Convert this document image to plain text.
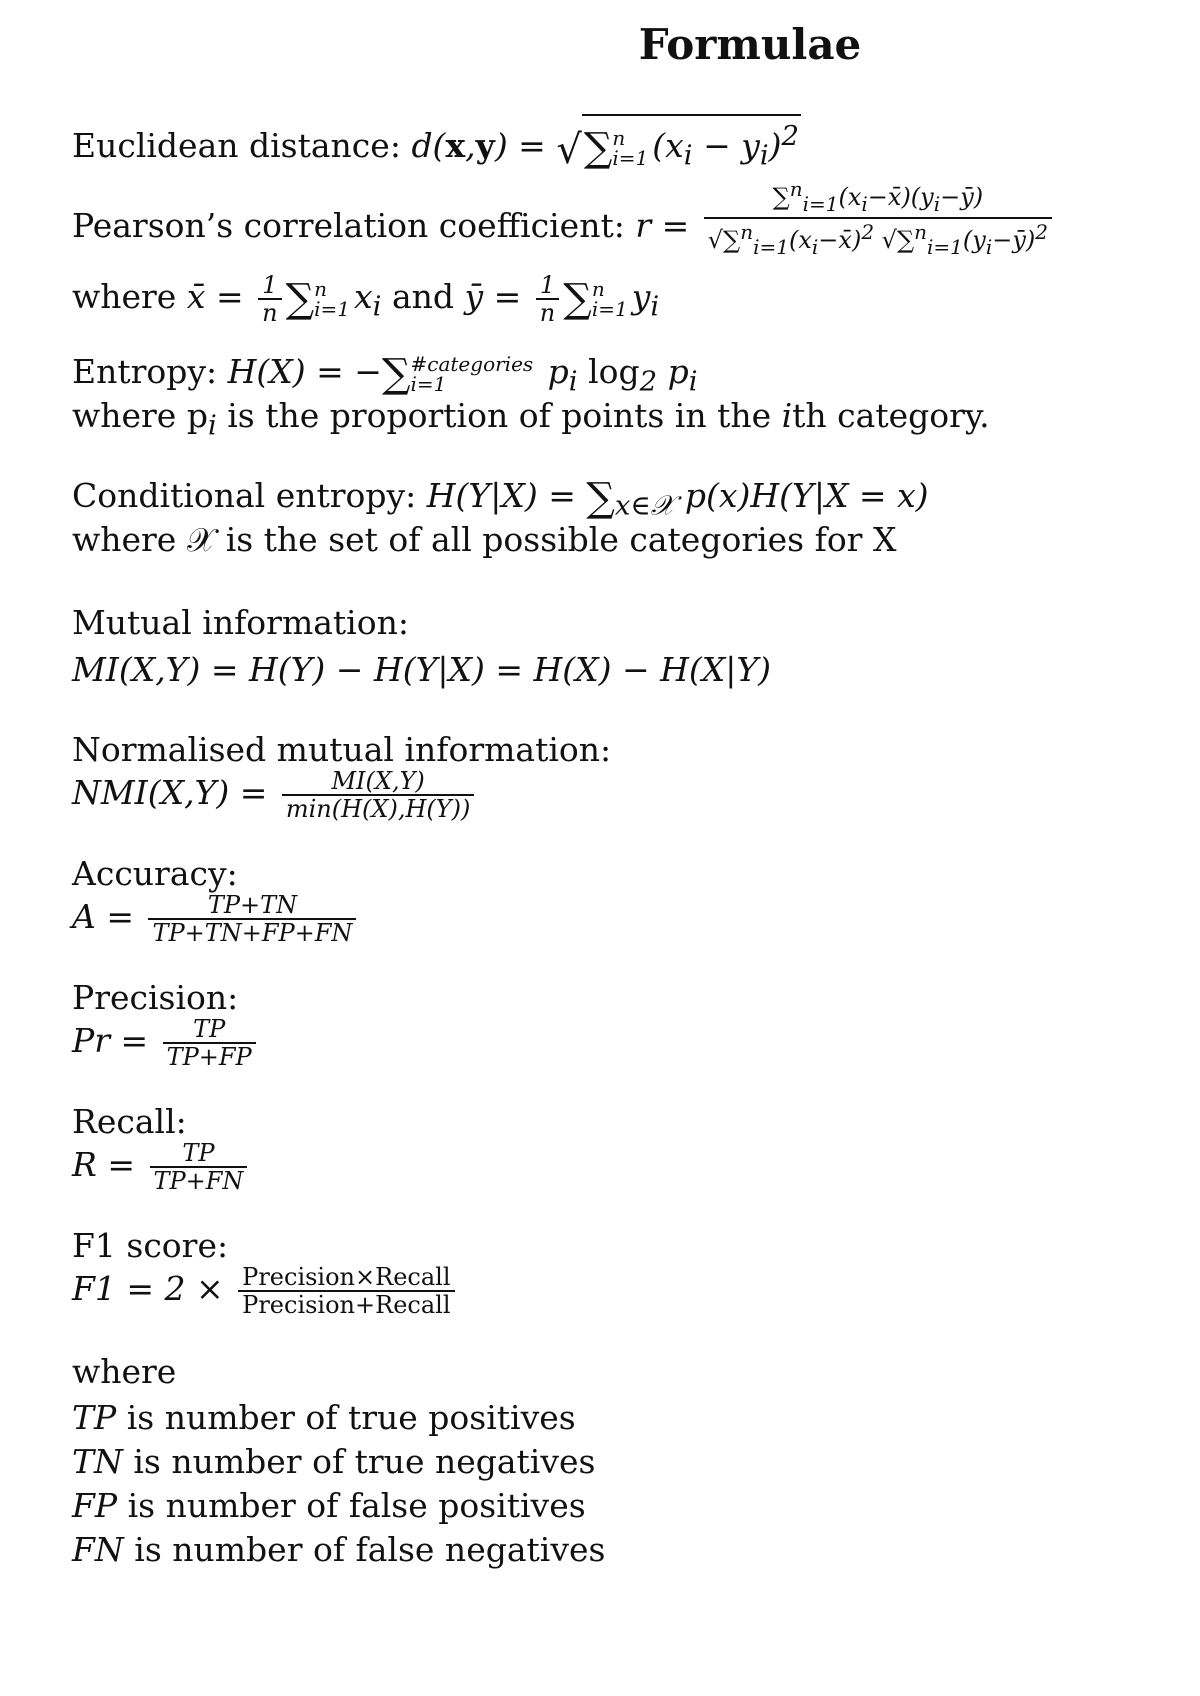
Formulae
Euclidean distance: d(x,y) = √∑ n
i=1 $(x_i - y_i)^2$
Pearson’s correlation coefficient: $r = \frac{\sum^n_{i=1}(x_i-x̄)(y_i-ȳ)}{√\sum^n_{i=1}(x_i-x̄)^2 √\sum^n_{i=1}(y_i-ȳ)^2}$
where x̄ = $\frac{1}{n}$ ∑ n
i=1 $x_i$ and ȳ = $\frac{1}{n}$ ∑ n
i=1 $y_i$
Entropy: H(X) = −∑ #categories
i=1	$p_i$ $\log_2 p_i$
where $p_i$ is the proportion of points in the ith category.
Conditional entropy: $H(Y|X) = \sum_{x\in 𝒳}$ p(x)H(Y|X = x)
where 𝒳 is the set of all possible categories for X
Mutual information:
MI(X,Y) = H(Y) − H(Y|X) = H(X) − H(X|Y)
Normalised mutual information:
$NMI(X,Y) = \frac{MI(X,Y)}{\min(H(X),H(Y))}$
Accuracy:
$A = \frac{TP+TN}{TP+TN+FP+FN}$
Precision:
$Pr = \frac{TP}{TP+FP}$
Recall:
$R = \frac{TP}{TP+FN}$
F1 score:
$F1 = 2 \times \frac{\text{Precision×Recall}}{\text{Precision+Recall}}$
where
TP is number of true positives
TN is number of true negatives
FP is number of false positives
FN is number of false negatives
